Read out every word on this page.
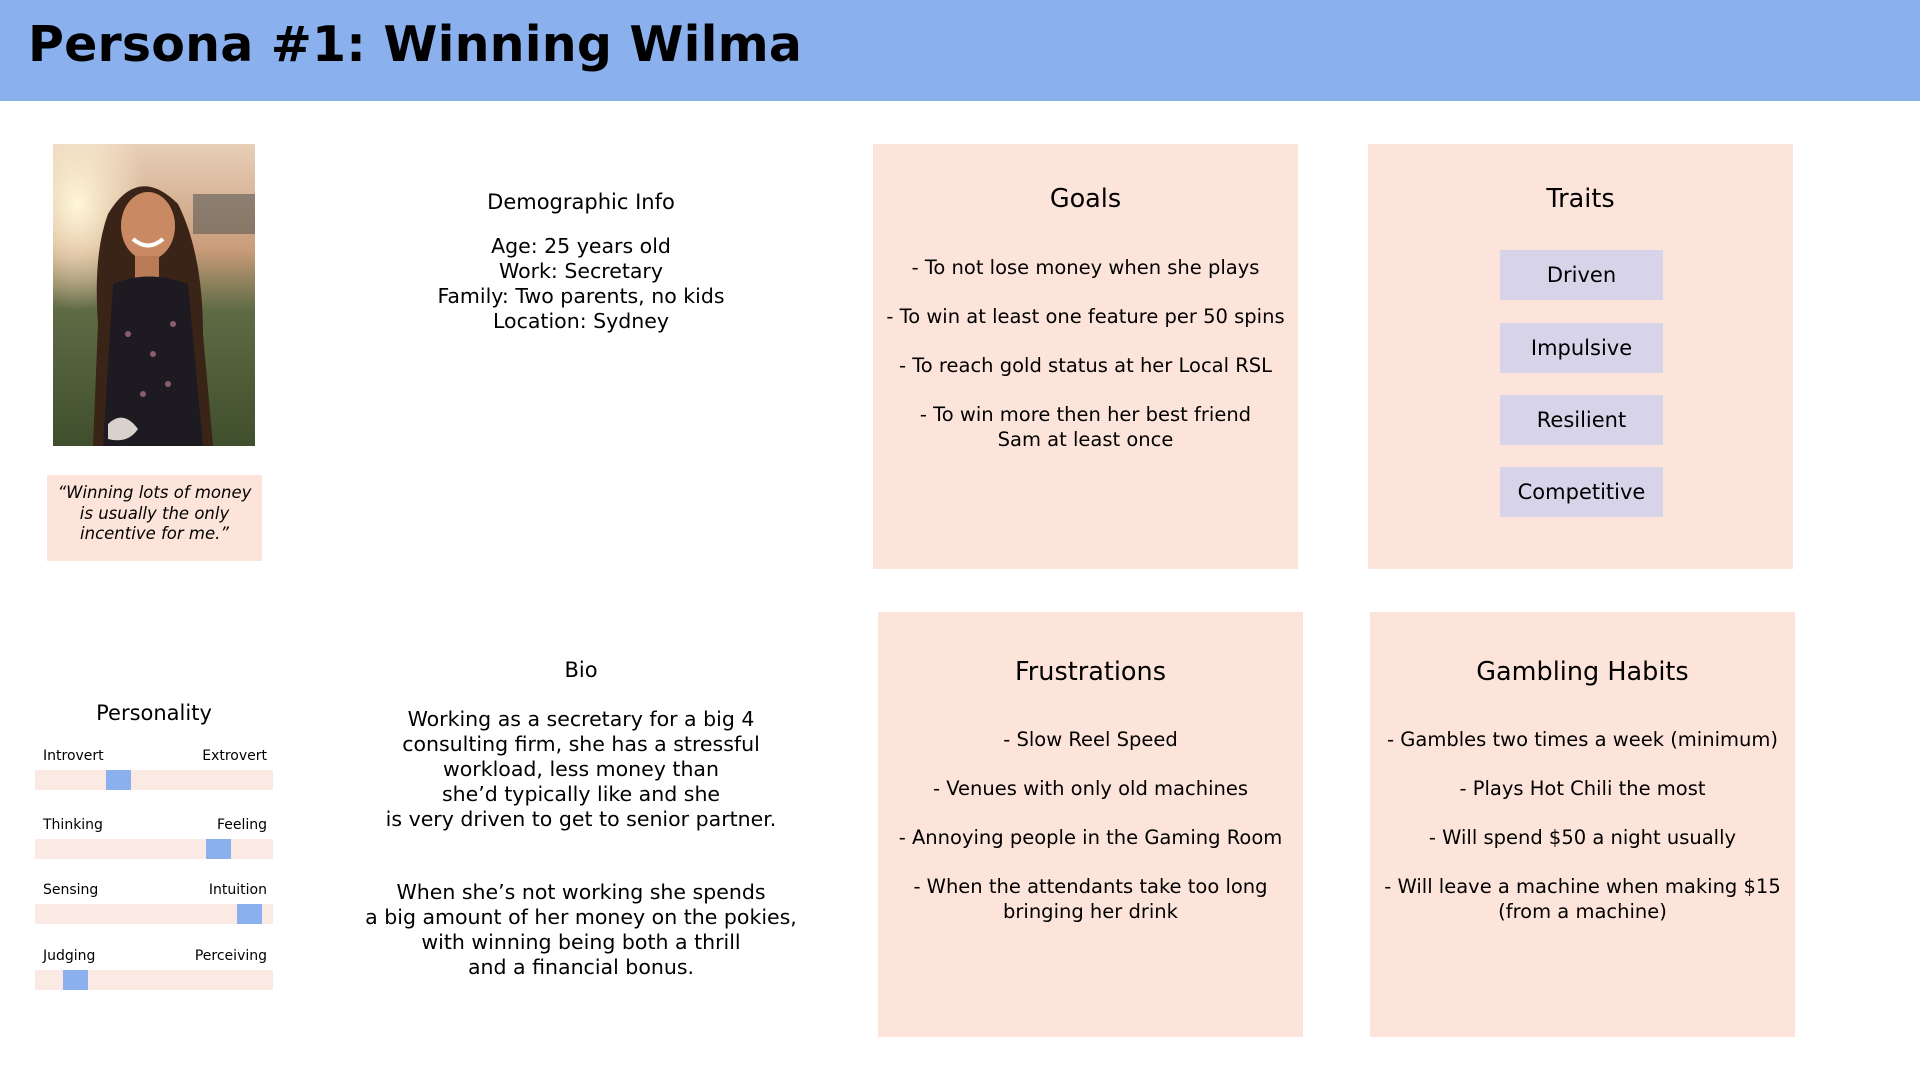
Persona #1: Winning Wilma
“Winning lots of money is usually the only incentive for me.”
Personality
Introvert	Extrovert
Thinking	Feeling
Sensing	Intuition
Judging	Perceiving
Demographic Info
Age: 25 years old
Work: Secretary
Family: Two parents, no kids
Location: Sydney
Bio
Working as a secretary for a big 4
consulting firm, she has a stressful
workload, less money than
she’d typically like and she
is very driven to get to senior partner.
When she’s not working she spends
a big amount of her money on the pokies,
with winning being both a thrill
and a financial bonus.
Goals
- To not lose money when she plays
- To win at least one feature per 50 spins
- To reach gold status at her Local RSL
- To win more then her best friend
Sam at least once
Traits
Driven
Impulsive
Resilient
Competitive
Frustrations
- Slow Reel Speed
- Venues with only old machines
- Annoying people in the Gaming Room
- When the attendants take too long
bringing her drink
Gambling Habits
- Gambles two times a week (minimum)
- Plays Hot Chili the most
- Will spend $50 a night usually
- Will leave a machine when making $15
(from a machine)
